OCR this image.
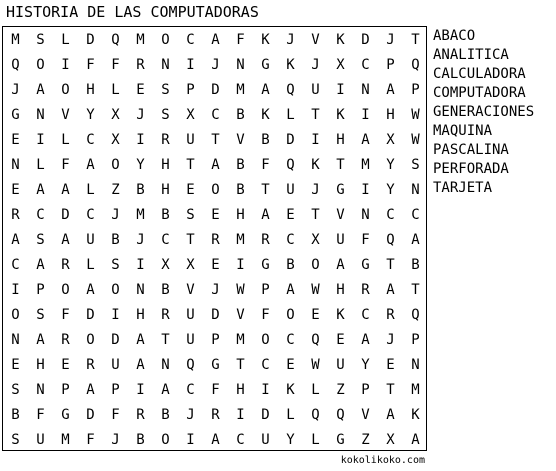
HISTORIA DE LAS COMPUTADORAS
M	S	L	D	Q	M	O	C	A	F	K	J	V	K	D	J	T
Q	O	I	F	F	R	N	I	J	N	G	K	J	X	C	P	Q
J	A	O	H	L	E	S	P	D	M	A	Q	U	I	N	A	P
G	N	V	Y	X	J	S	X	C	B	K	L	T	K	I	H	W
E	I	L	C	X	I	R	U	T	V	B	D	I	H	A	X	W
N	L	F	A	O	Y	H	T	A	B	F	Q	K	T	M	Y	S
E	A	A	L	Z	B	H	E	O	B	T	U	J	G	I	Y	N
R	C	D	C	J	M	B	S	E	H	A	E	T	V	N	C	C
A	S	A	U	B	J	C	T	R	M	R	C	X	U	F	Q	A
C	A	R	L	S	I	X	X	E	I	G	B	O	A	G	T	B
I	P	O	A	O	N	B	V	J	W	P	A	W	H	R	A	T
O	S	F	D	I	H	R	U	D	V	F	O	E	K	C	R	Q
N	A	R	O	D	A	T	U	P	M	O	C	Q	E	A	J	P
E	H	E	R	U	A	N	Q	G	T	C	E	W	U	Y	E	N
S	N	P	A	P	I	A	C	F	H	I	K	L	Z	P	T	M
B	F	G	D	F	R	B	J	R	I	D	L	Q	Q	V	A	K
S	U	M	F	J	B	O	I	A	C	U	Y	L	G	Z	X	A
ABACO
ANALITICA
CALCULADORA
COMPUTADORA
GENERACIONES
MAQUINA
PASCALINA
PERFORADA
TARJETA
kokolikoko.com
